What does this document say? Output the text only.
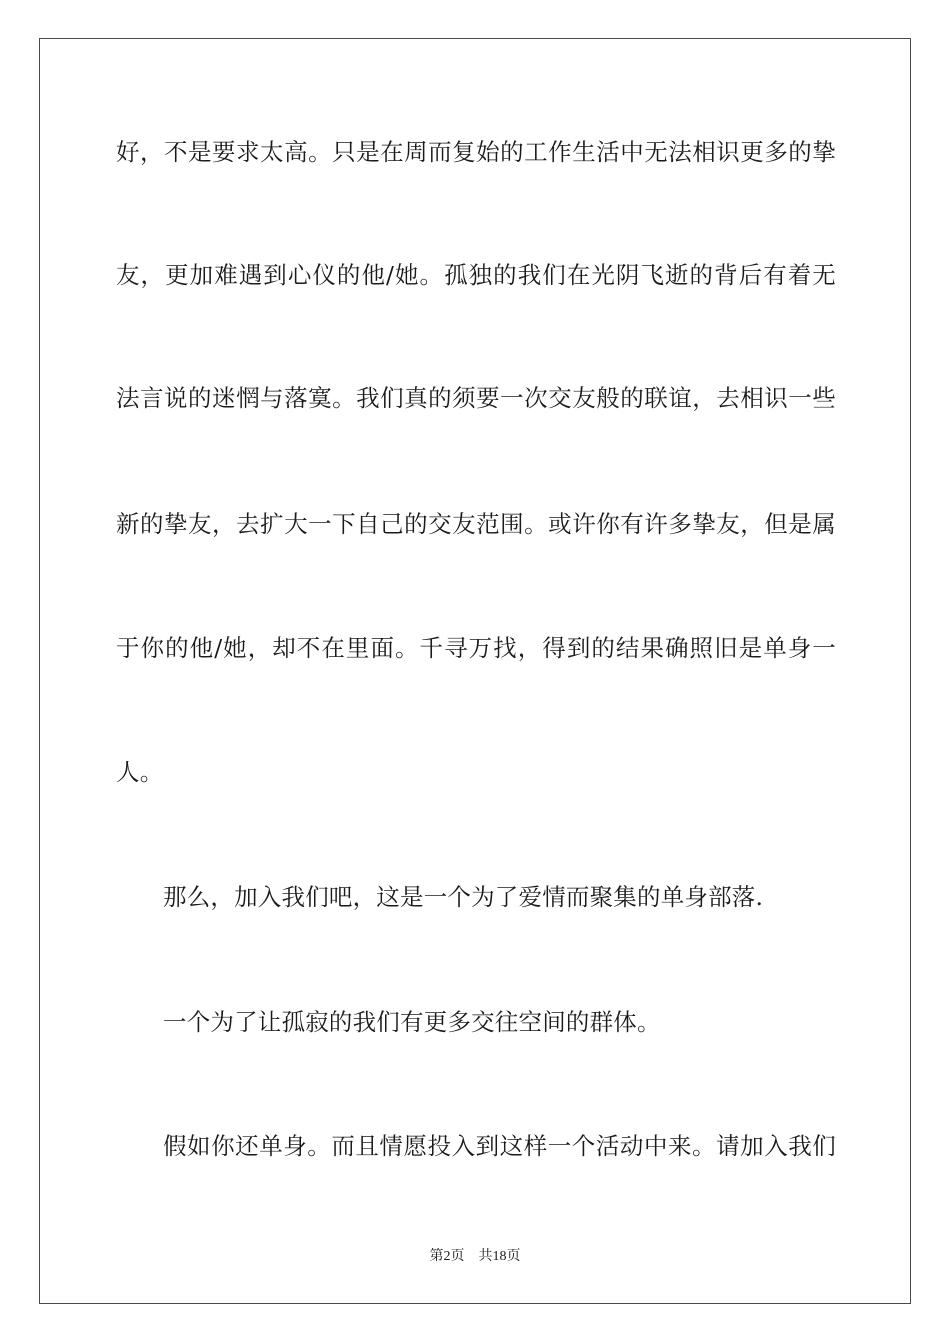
好，不是要求太高。只是在周而复始的工作生活中无法相识更多的挚
友，更加难遇到心仪的他/她。孤独的我们在光阴飞逝的背后有着无
法言说的迷惘与落寞。我们真的须要一次交友般的联谊，去相识一些
新的挚友，去扩大一下自己的交友范围。或许你有许多挚友，但是属
于你的他/她，却不在里面。千寻万找，得到的结果确照旧是单身一
人。
那么，加入我们吧，这是一个为了爱情而聚集的单身部落.
一个为了让孤寂的我们有更多交往空间的群体。
假如你还单身。而且情愿投入到这样一个活动中来。请加入我们
第2页 共18页
